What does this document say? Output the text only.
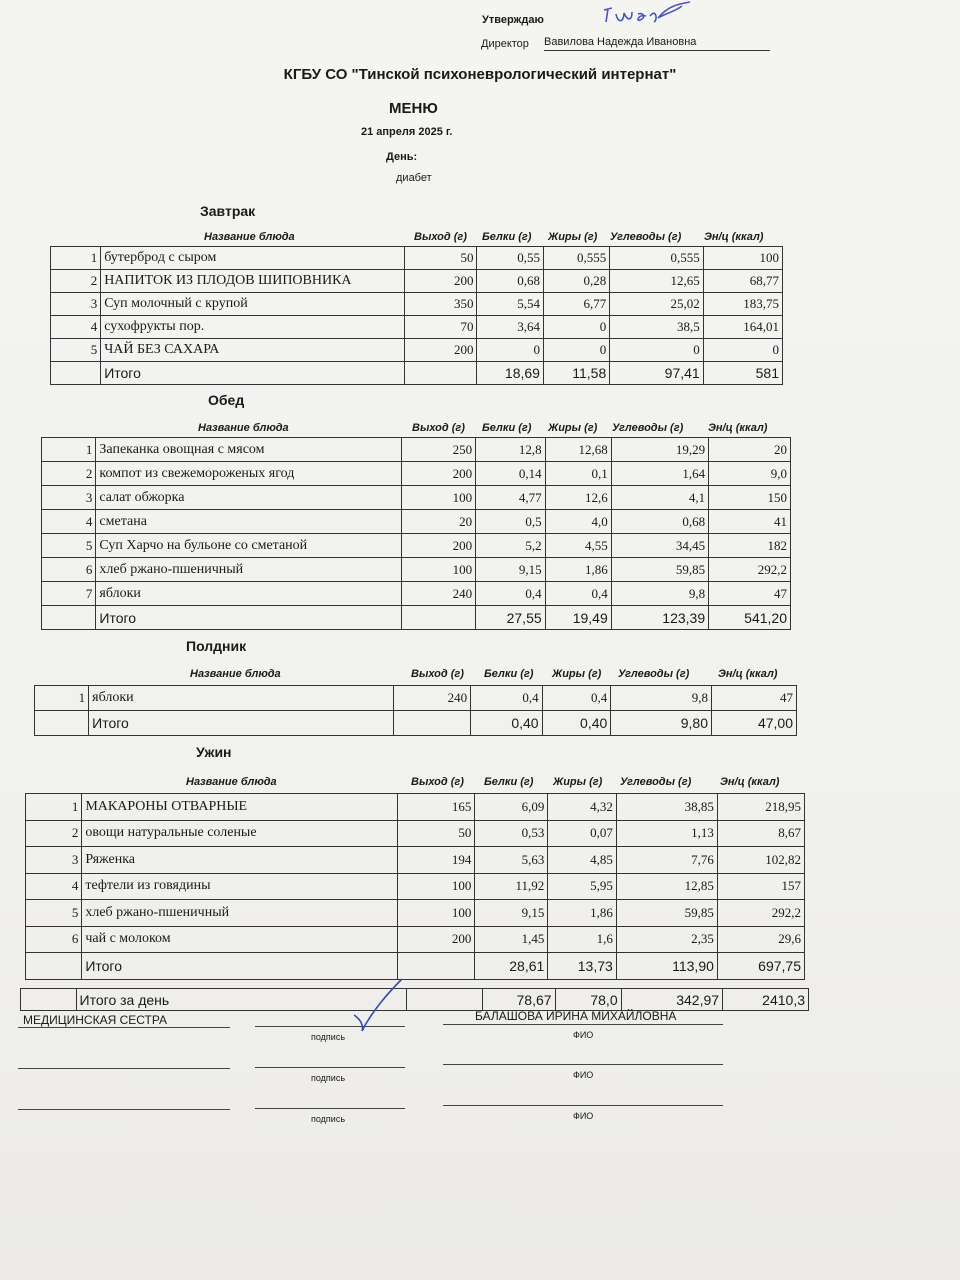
Утверждаю
Директор Вавилова Надежда Ивановна
КГБУ СО "Тинской психоневрологический интернат"
МЕНЮ
21 апреля 2025 г.
День:
диабет
Завтрак
Название блюда	Выход (г) Белки (г) Жиры (г) Углеводы (г) Эн/ц (ккал)
1	бутерброд с сыром	50	0,55	0,555	0,555	100
2	НАПИТОК ИЗ ПЛОДОВ ШИПОВНИКА	200	0,68	0,28	12,65	68,77
3	Суп молочный с крупой	350	5,54	6,77	25,02	183,75
4	сухофрукты пор.	70	3,64	0	38,5	164,01
5	ЧАЙ БЕЗ САХАРА	200	0	0	0	0
	Итого		18,69	11,58	97,41	581
Обед
Название блюда	Выход (г) Белки (г) Жиры (г) Углеводы (г) Эн/ц (ккал)
1	Запеканка овощная с мясом	250	12,8	12,68	19,29	20
2	компот из свежемороженых ягод	200	0,14	0,1	1,64	9,0
3	салат обжорка	100	4,77	12,6	4,1	150
4	сметана	20	0,5	4,0	0,68	41
5	Суп Харчо на бульоне со сметаной	200	5,2	4,55	34,45	182
6	хлеб ржано-пшеничный	100	9,15	1,86	59,85	292,2
7	яблоки	240	0,4	0,4	9,8	47
	Итого		27,55	19,49	123,39	541,20
Полдник
Название блюда	Выход (г) Белки (г) Жиры (г) Углеводы (г)	Эн/ц (ккал)
1	яблоки	240	0,4	0,4	9,8	47
	Итого		0,40	0,40	9,80	47,00
Ужин
Название блюда	Выход (г) Белки (г) Жиры (г) Углеводы (г)	Эн/ц (ккал)
1	МАКАРОНЫ ОТВАРНЫЕ	165	6,09	4,32	38,85	218,95
2	овощи натуральные соленые	50	0,53	0,07	1,13	8,67
3	Ряженка	194	5,63	4,85	7,76	102,82
4	тефтели из говядины	100	11,92	5,95	12,85	157
5	хлеб ржано-пшеничный	100	9,15	1,86	59,85	292,2
6	чай с молоком	200	1,45	1,6	2,35	29,6
	Итого		28,61	13,73	113,90	697,75
	Итого за день		78,67	78,0	342,97	2410,3
МЕДИЦИНСКАЯ СЕСТРА
подпись
БАЛАШОВА ИРИНА МИХАЙЛОВНА
ФИО
подпись	ФИО
подпись	ФИО
